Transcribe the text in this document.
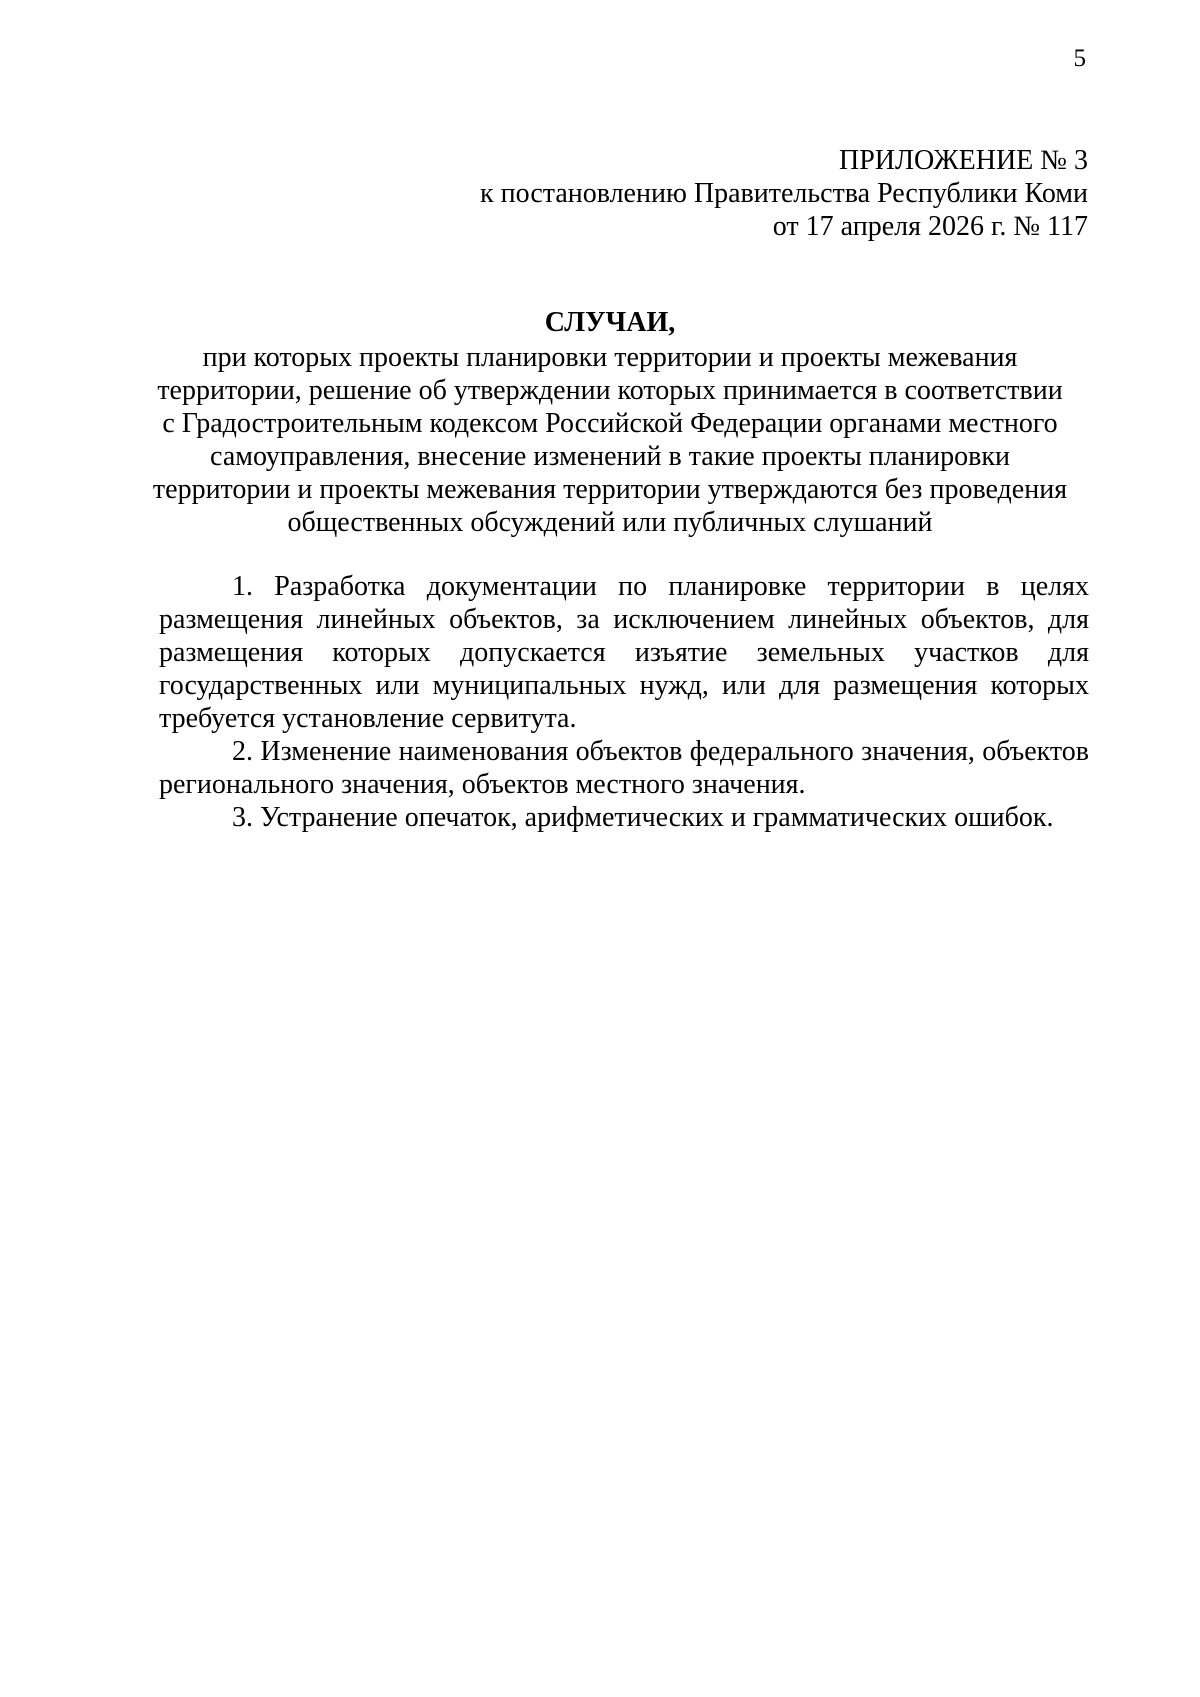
5
ПРИЛОЖЕНИЕ № 3
к постановлению Правительства Республики Коми
от 17 апреля 2026 г. № 117
СЛУЧАИ,
при которых проекты планировки территории и проекты межевания
территории, решение об утверждении которых принимается в соответствии
с Градостроительным кодексом Российской Федерации органами местного
самоуправления, внесение изменений в такие проекты планировки
территории и проекты межевания территории утверждаются без проведения
общественных обсуждений или публичных слушаний

1. Разработка документации по планировке территории в целях размещения линейных объектов, за исключением линейных объектов, для размещения которых допускается изъятие земельных участков для государственных или муниципальных нужд, или для размещения которых требуется установление сервитута.

2. Изменение наименования объектов федерального значения, объектов регионального значения, объектов местного значения.

3. Устранение опечаток, арифметических и грамматических ошибок.
